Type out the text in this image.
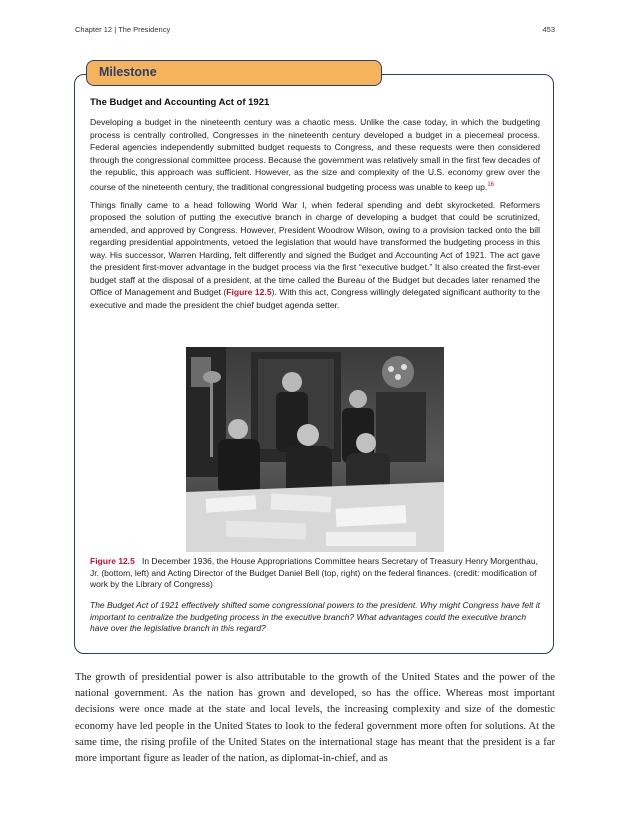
Chapter 12 | The Presidency	453
Milestone
The Budget and Accounting Act of 1921

Developing a budget in the nineteenth century was a chaotic mess. Unlike the case today, in which the budgeting process is centrally controlled, Congresses in the nineteenth century developed a budget in a piecemeal process. Federal agencies independently submitted budget requests to Congress, and these requests were then considered through the congressional committee process. Because the government was relatively small in the first few decades of the republic, this approach was sufficient. However, as the size and complexity of the U.S. economy grew over the course of the nineteenth century, the traditional congressional budgeting process was unable to keep up.$^{16}$

Things finally came to a head following World War I, when federal spending and debt skyrocketed. Reformers proposed the solution of putting the executive branch in charge of developing a budget that could be scrutinized, amended, and approved by Congress. However, President Woodrow Wilson, owing to a provision tacked onto the bill regarding presidential appointments, vetoed the legislation that would have transformed the budgeting process in this way. His successor, Warren Harding, felt differently and signed the Budget and Accounting Act of 1921. The act gave the president first-mover advantage in the budget process via the first “executive budget.” It also created the first-ever budget staff at the disposal of a president, at the time called the Bureau of the Budget but decades later renamed the Office of Management and Budget (Figure 12.5). With this act, Congress willingly delegated significant authority to the executive and made the president the chief budget agenda setter.

Figure 12.5 In December 1936, the House Appropriations Committee hears Secretary of Treasury Henry Morgenthau, Jr. (bottom, left) and Acting Director of the Budget Daniel Bell (top, right) on the federal finances. (credit: modification of work by the Library of Congress)
The Budget Act of 1921 effectively shifted some congressional powers to the president. Why might Congress have felt it important to centralize the budgeting process in the executive branch? What advantages could the executive branch have over the legislative branch in this regard?
The growth of presidential power is also attributable to the growth of the United States and the power of the national government. As the nation has grown and developed, so has the office. Whereas most important decisions were once made at the state and local levels, the increasing complexity and size of the domestic economy have led people in the United States to look to the federal government more often for solutions. At the same time, the rising profile of the United States on the international stage has meant that the president is a far more important figure as leader of the nation, as diplomat-in-chief, and as
